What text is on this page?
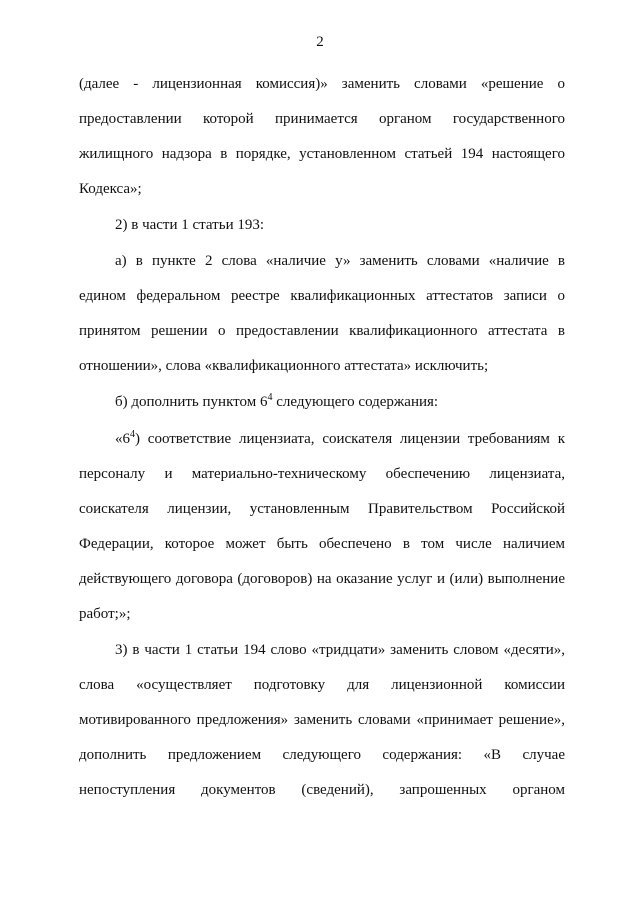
2
(далее - лицензионная комиссия)» заменить словами «решение о
предоставлении которой принимается органом государственного
жилищного надзора в порядке, установленном статьей 194 настоящего
Кодекса»;
2) в части 1 статьи 193:
а) в пункте 2 слова «наличие у» заменить словами «наличие в
едином федеральном реестре квалификационных аттестатов записи о
принятом решении о предоставлении квалификационного аттестата в
отношении», слова «квалификационного аттестата» исключить;
б) дополнить пунктом $6^4$ следующего содержания:
«$6^4$) соответствие лицензиата, соискателя лицензии требованиям к
персоналу и материально-техническому обеспечению лицензиата,
соискателя лицензии, установленным Правительством Российской
Федерации, которое может быть обеспечено в том числе наличием
действующего договора (договоров) на оказание услуг и (или) выполнение
работ;»;
3) в части 1 статьи 194 слово «тридцати» заменить словом «десяти»,
слова «осуществляет подготовку для лицензионной комиссии
мотивированного предложения» заменить словами «принимает решение»,
дополнить предложением следующего содержания: «В случае
непоступления документов (сведений), запрошенных органом
